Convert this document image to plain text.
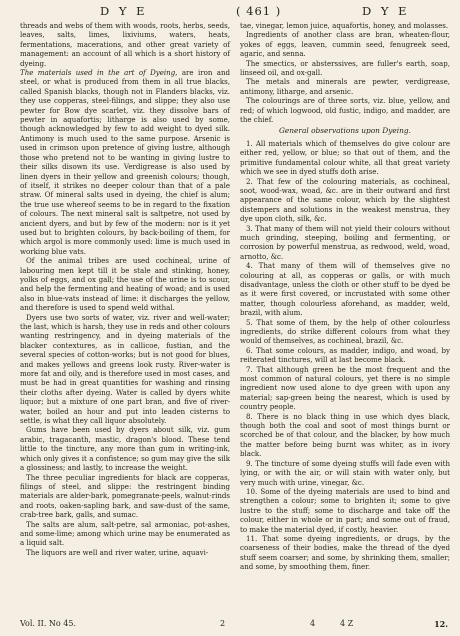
D Y E	( 461 )	D Y E

threads and webs of them with woods, roots, herbs, seeds, leaves, salts, limes, lixiviums, waters, heats, fermentations, macerations, and other great variety of management: an account of all which is a short history of dyeing.

The materials used in the art of Dyeing, are iron and steel, or what is produced from them in all true blacks, called Spanish blacks, though not in Flanders blacks, viz. they use copperas, steel-filings, and slippe; they also use pewter for Bow dye scarlet, viz. they dissolve bars of pewter in aquafortis; litharge is also used by some, though acknowledged by few to add weight to dyed silk. Antimony is much used to the same purpose. Arsenic is used in crimson upon pretence of giving lustre, although those who pretend not to be wanting in giving lustre to their silks disown its use. Verdigrease is also used by linen dyers in their yellow and greenish colours; though, of itself, it strikes no deeper colour than that of a pale straw. Of mineral salts used in dyeing, the chief is alum; the true use whereof seems to be in regard to the fixation of colours. The next mineral salt is saltpetre, not used by ancient dyers, and but by few of the modern: nor is it yet used but to brighten colours, by back-boiling of them, for which argol is more commonly used: lime is much used in working blue vats.

Of the animal tribes are used cochineal, urine of labouring men kept till it be stale and stinking, honey, yolks of eggs, and ox gall; the use of the urine is to scour, and help the fermenting and heating of woad; and is used also in blue-vats instead of lime: it discharges the yellow, and therefore is used to spend weld withal.

Dyers use two sorts of water, viz. river and well-water; the last, which is harsh, they use in reds and other colours wanting restringency, and in dyeing materials of the blacker contextures, as in callicoe, fustian, and the several species of cotton-works; but is not good for blues, and makes yellows and greens look rusty. River-water is more fat and oily, and is therefore used in most cases, and must be had in great quantities for washing and rinsing their cloths after dyeing. Water is called by dyers white liquor; but a mixture of one part bran, and five of river-water, boiled an hour and put into leaden cisterns to settle, is what they call liquor absolutely.

Gums have been used by dyers about silk, viz. gum arabic, tragacanth, mastic, dragon's blood. These tend little to the tincture, any more than gum in writing-ink, which only gives it a confistence; so gum may give the silk a glossiness; and lastly, to increase the weight.

The three peculiar ingredients for black are copperas, filings of steel, and slippe: the restringent binding materials are alder-bark, pomegranate-peels, walnut-rinds and roots, oaken-sapling bark, and saw-dust of the same, crab-tree bark, galls, and sumac.

The salts are alum, salt-petre, sal armoniac, pot-ashes, and some-lime; among which urine may be enumerated as a liquid salt.

The liquors are well and river water, urine, aquavi-

tae, vinegar, lemon juice, aquafortis, honey, and molasses.

Ingredients of another class are bran, wheaten-flour, yokes of eggs, leaven, cummin seed, fenugreek seed, agaric, and senna.

The smectics, or absterssives, are fuller's earth, soap, linseed oil, and ox-gall.

The metals and minerals are pewter, verdigrease, antimony, litharge, and arsenic.

The colourings are of three sorts, viz. blue, yellow, and red; of which logwood, old fustic, indigo, and madder, are the chief.

General observations upon Dyeing.

1. All materials which of themselves do give colour are either red, yellow, or blue; so that out of them, and the primitive fundamental colour white, all that great variety which we see in dyed stuffs doth arise.

2. That few of the colouring materials, as cochineal, soot, wood-wax, woad, &c. are in their outward and first appearance of the same colour, which by the slightest distempers and solutions in the weakest menstrua, they dye upon cloth, silk, &c.

3. That many of them will not yield their colours without much grinding, steeping, boiling and fermenting, or corrosion by powerful menstrua, as redwood, weld, woad, arnotto, &c.

4. That many of them will of themselves give no colouring at all, as copperas or galls, or with much disadvantage, unless the cloth or other stuff to be dyed be as it were first covered, or incrustated with some other matter, though colourless aforehand, as madder, weld, brazil, with alum.

5. That some of them, by the help of other colourless ingredients, do strike different colours from what they would of themselves, as cochineal, brazil, &c.

6. That some colours, as madder, indigo, and woad, by reiterated tinctures, will at last become black.

7. That although green be the most frequent and the most common of natural colours, yet there is no simple ingredient now used alone to dye green with upon any material; sap-green being the nearest, which is used by country people.

8. There is no black thing in use which dyes black, though both the coal and soot of most things burnt or scorched be of that colour, and the blacker, by how much the matter before being burnt was whiter, as in ivory black.

9. The tincture of some dyeing stuffs will fade even with lying, or with the air, or will stain with water only, but very much with urine, vinegar, &c.

10. Some of the dyeing materials are used to bind and strengthen a colour; some to brighten it; some to give lustre to the stuff; some to discharge and take off the colour, either in whole or in part; and some out of fraud, to make the material dyed, if costly, heavier.

11. That some dyeing ingredients, or drugs, by the coarseness of their bodies, make the thread of the dyed stuff seem coarser; and some, by shrinking them, smaller; and some, by smoothing them, finer.

Vol. II. No 45.	2	4	4 Z	12.
